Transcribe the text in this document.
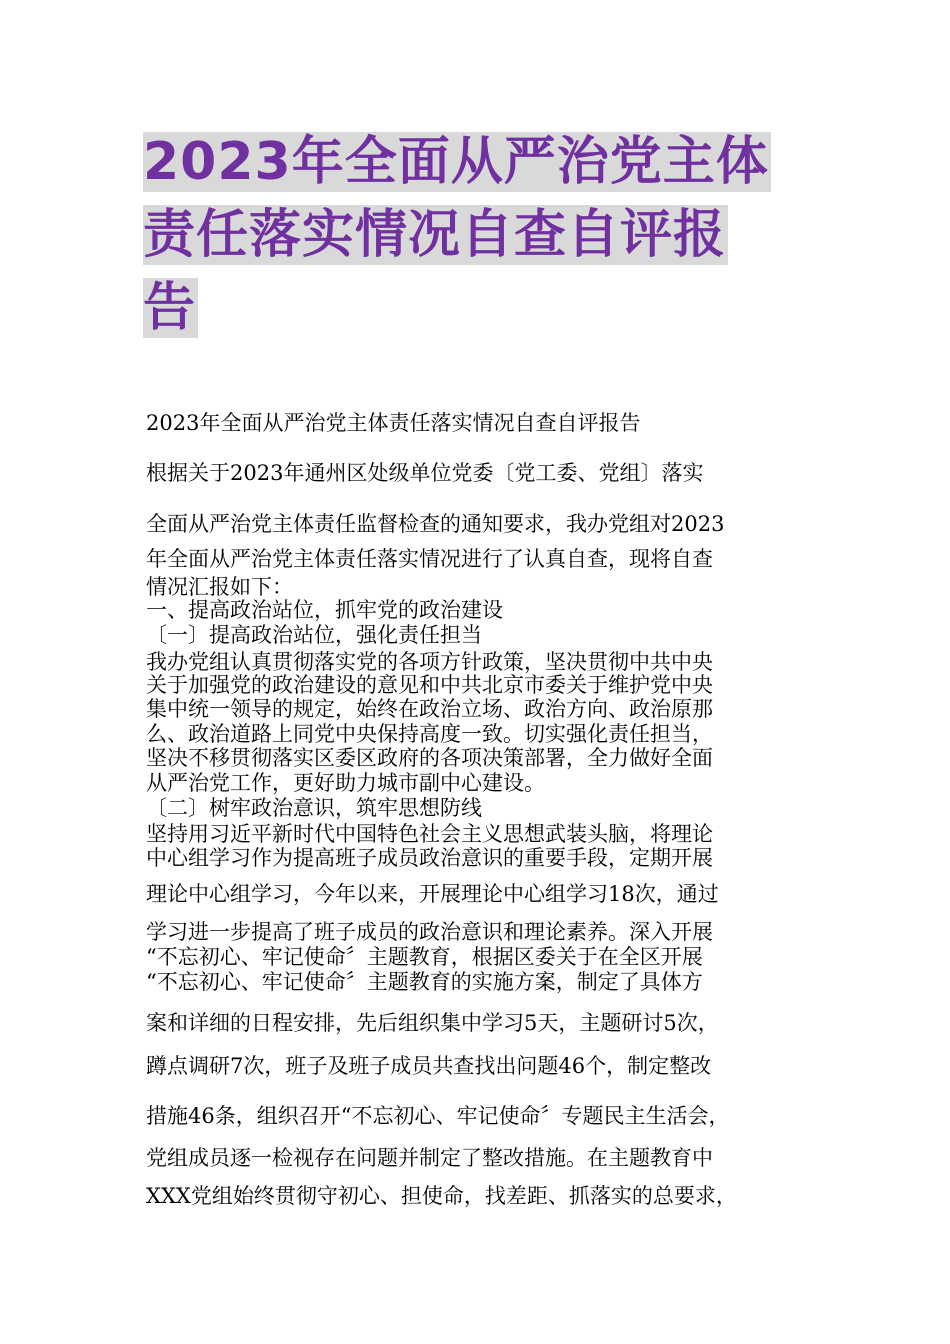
2023年全面从严治党主体
责任落实情况自查自评报
告
2023年全面从严治党主体责任落实情况自查自评报告
根据关于2023年通州区处级单位党委〔党工委、党组〕落实
全面从严治党主体责任监督检查的通知要求，我办党组对2023
年全面从严治党主体责任落实情况进行了认真自查，现将自查
情况汇报如下：
一、提高政治站位，抓牢党的政治建设
〔一〕提高政治站位，强化责任担当
我办党组认真贯彻落实党的各项方针政策，坚决贯彻中共中央
关于加强党的政治建设的意见和中共北京市委关于维护党中央
集中统一领导的规定，始终在政治立场、政治方向、政治原那
么、政治道路上同党中央保持高度一致。切实强化责任担当，
坚决不移贯彻落实区委区政府的各项决策部署，全力做好全面
从严治党工作，更好助力城市副中心建设。
〔二〕树牢政治意识，筑牢思想防线
坚持用习近平新时代中国特色社会主义思想武装头脑，将理论
中心组学习作为提高班子成员政治意识的重要手段，定期开展
理论中心组学习，今年以来，开展理论中心组学习18次，通过
学习进一步提高了班子成员的政治意识和理论素养。深入开展
“不忘初心、牢记使命〞主题教育，根据区委关于在全区开展
“不忘初心、牢记使命〞主题教育的实施方案，制定了具体方
案和详细的日程安排，先后组织集中学习5天，主题研讨5次，
蹲点调研7次，班子及班子成员共查找出问题46个，制定整改
措施46条，组织召开“不忘初心、牢记使命〞专题民主生活会，
党组成员逐一检视存在问题并制定了整改措施。在主题教育中
XXX党组始终贯彻守初心、担使命，找差距、抓落实的总要求，
